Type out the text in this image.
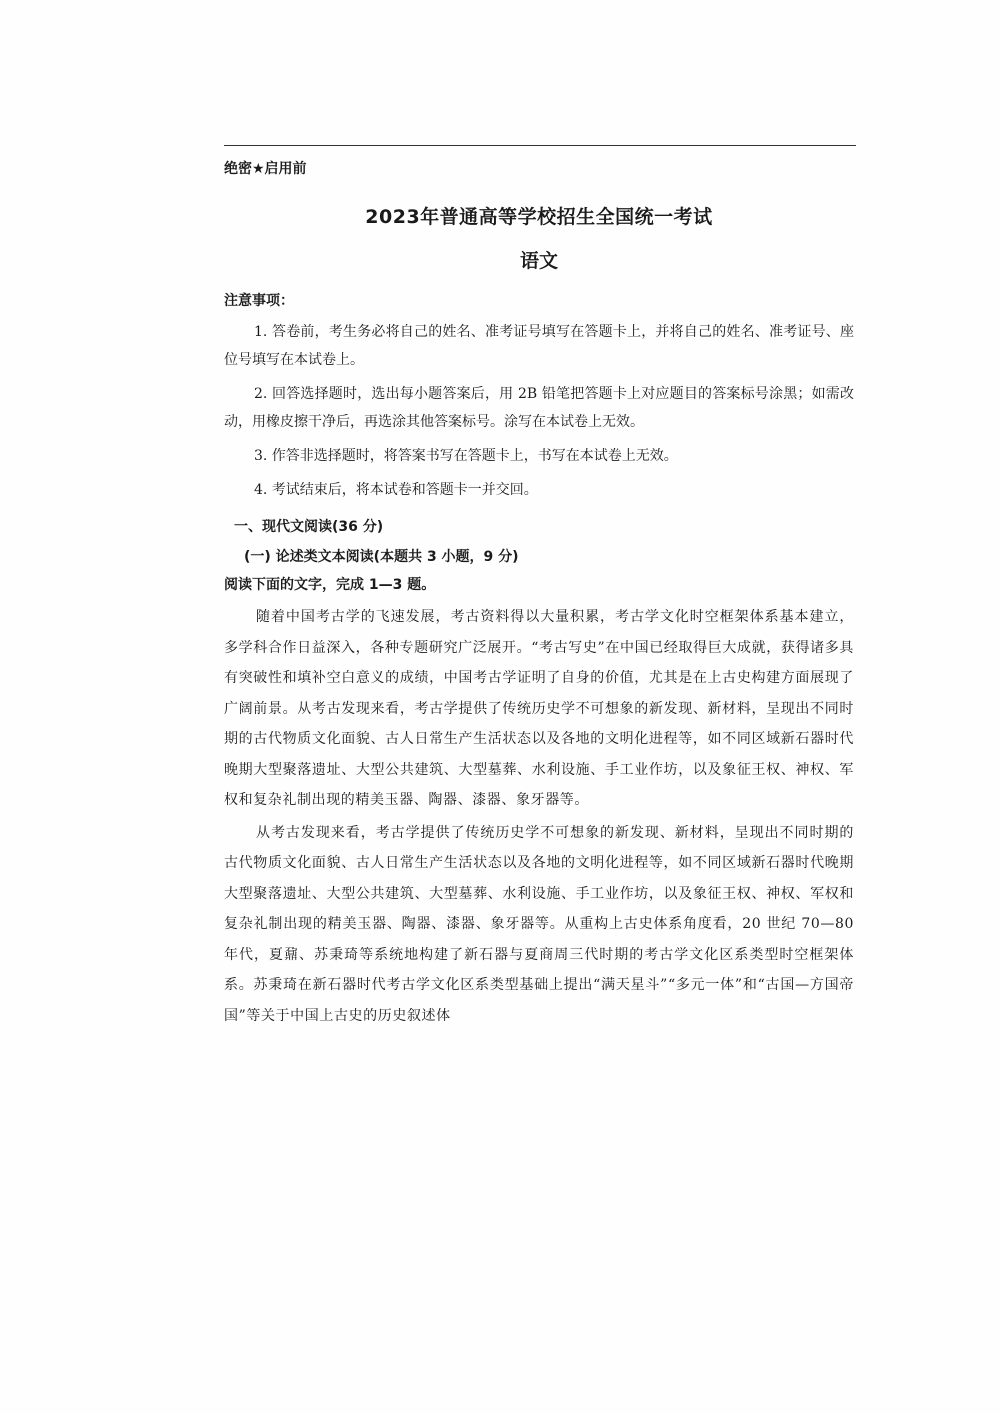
绝密★启用前
2023年普通高等学校招生全国统一考试
语文
注意事项：
1. 答卷前，考生务必将自己的姓名、准考证号填写在答题卡上，并将自己的姓名、准考证号、座位号填写在本试卷上。
2. 回答选择题时，选出每小题答案后，用 2B 铅笔把答题卡上对应题目的答案标号涂黑；如需改动，用橡皮擦干净后，再选涂其他答案标号。涂写在本试卷上无效。
3. 作答非选择题时，将答案书写在答题卡上，书写在本试卷上无效。
4. 考试结束后，将本试卷和答题卡一并交回。
一、现代文阅读(36 分)
(一) 论述类文本阅读(本题共 3 小题，9 分)
阅读下面的文字，完成 1—3 题。

随着中国考古学的飞速发展，考古资料得以大量积累，考古学文化时空框架体系基本建立，多学科合作日益深入，各种专题研究广泛展开。“考古写史”在中国已经取得巨大成就，获得诸多具有突破性和填补空白意义的成绩，中国考古学证明了自身的价值，尤其是在上古史构建方面展现了广阔前景。从考古发现来看，考古学提供了传统历史学不可想象的新发现、新材料，呈现出不同时期的古代物质文化面貌、古人日常生产生活状态以及各地的文明化进程等，如不同区域新石器时代晚期大型聚落遗址、大型公共建筑、大型墓葬、水利设施、手工业作坊，以及象征王权、神权、军权和复杂礼制出现的精美玉器、陶器、漆器、象牙器等。

从考古发现来看，考古学提供了传统历史学不可想象的新发现、新材料，呈现出不同时期的古代物质文化面貌、古人日常生产生活状态以及各地的文明化进程等，如不同区域新石器时代晚期大型聚落遗址、大型公共建筑、大型墓葬、水利设施、手工业作坊，以及象征王权、神权、军权和复杂礼制出现的精美玉器、陶器、漆器、象牙器等。从重构上古史体系角度看，20 世纪 70—80 年代，夏鼐、苏秉琦等系统地构建了新石器与夏商周三代时期的考古学文化区系类型时空框架体系。苏秉琦在新石器时代考古学文化区系类型基础上提出“满天星斗”“多元一体”和“古国—方国帝国”等关于中国上古史的历史叙述体
